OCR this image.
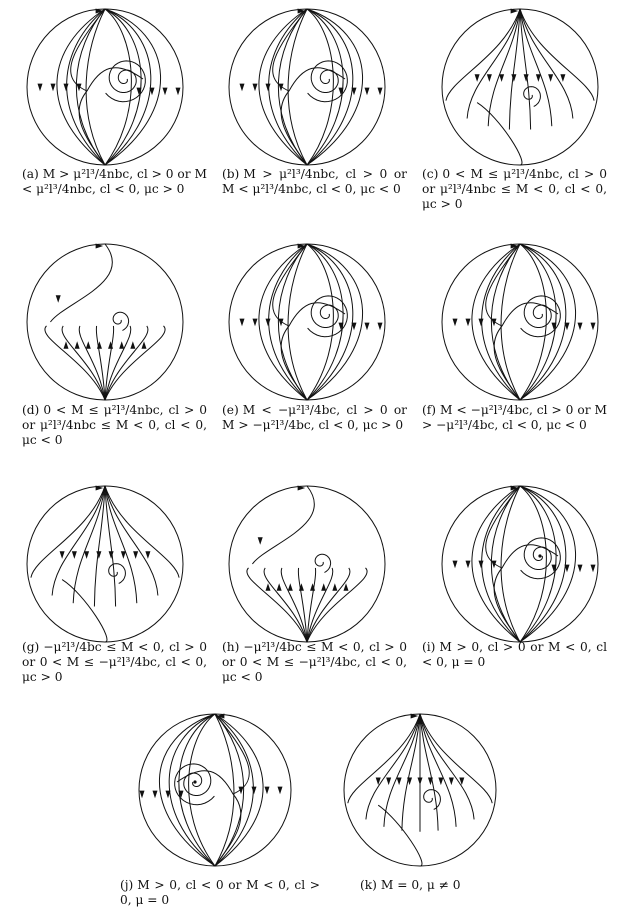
(a) M > μ²l³/4nbc, cl > 0 or M < μ²l³/4nbc, cl < 0, μc > 0
(b) M > μ²l³/4nbc, cl > 0 or M < μ²l³/4nbc, cl < 0, μc < 0
(c) 0 < M ≤ μ²l³/4nbc, cl > 0 or μ²l³/4nbc ≤ M < 0, cl < 0, μc > 0
(d) 0 < M ≤ μ²l³/4nbc, cl > 0 or μ²l³/4nbc ≤ M < 0, cl < 0, μc < 0
(e) M < −μ²l³/4bc, cl > 0 or M > −μ²l³/4bc, cl < 0, μc > 0
(f) M < −μ²l³/4bc, cl > 0 or M > −μ²l³/4bc, cl < 0, μc < 0
(g) −μ²l³/4bc ≤ M < 0, cl > 0 or 0 < M ≤ −μ²l³/4bc, cl < 0, μc > 0
(h) −μ²l³/4bc ≤ M < 0, cl > 0 or 0 < M ≤ −μ²l³/4bc, cl < 0, μc < 0
(i) M > 0, cl > 0 or M < 0, cl < 0, μ = 0
(j) M > 0, cl < 0 or M < 0, cl > 0, μ = 0
(k) M = 0, μ ≠ 0
